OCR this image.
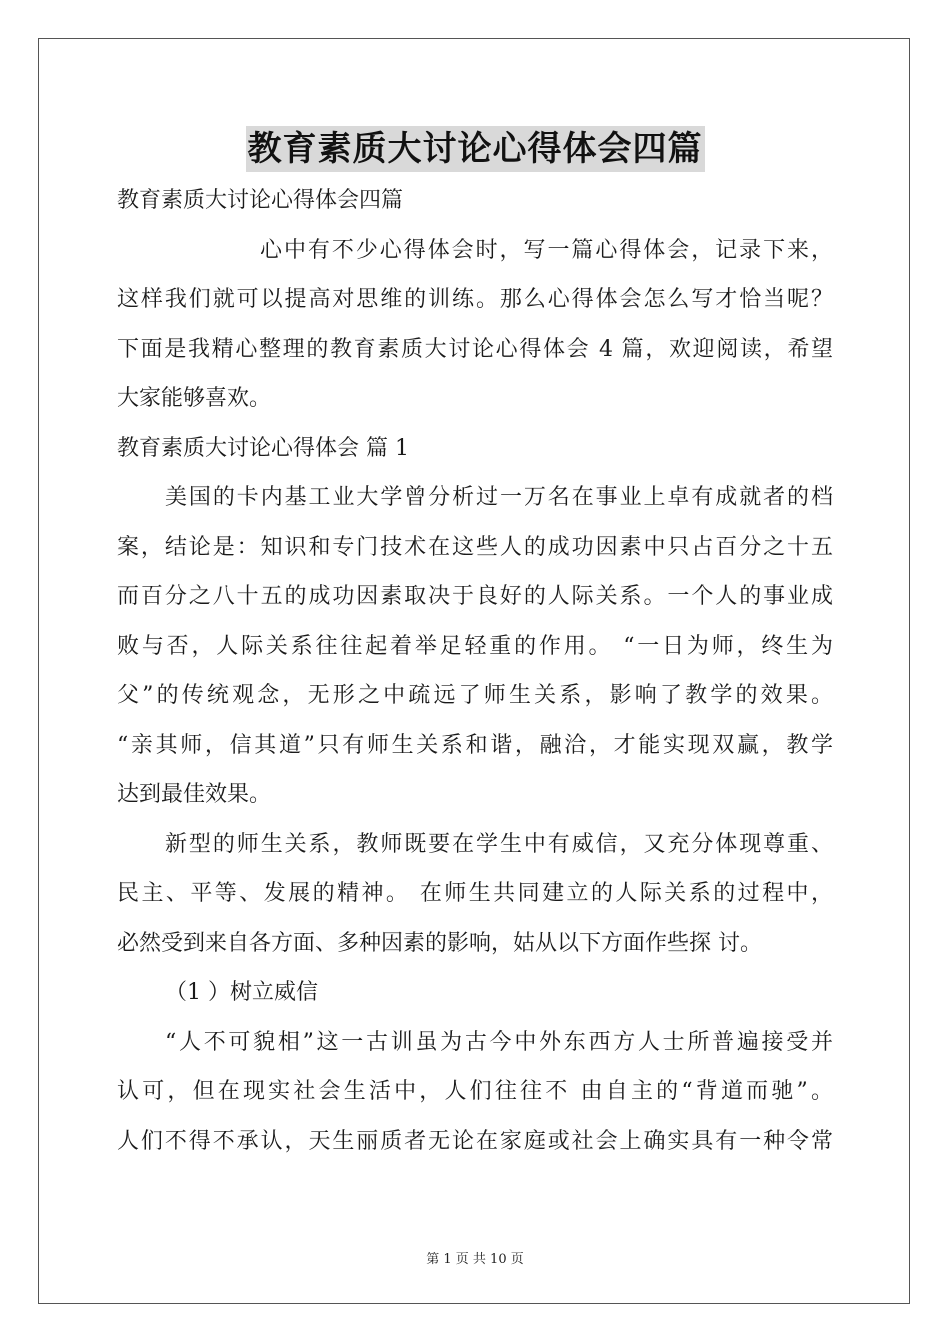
教育素质大讨论心得体会四篇
教育素质大讨论心得体会四篇
心中有不少心得体会时，写一篇心得体会，记录下来，
这样我们就可以提高对思维的训练。那么心得体会怎么写才恰当呢？
下面是我精心整理的教育素质大讨论心得体会 4 篇，欢迎阅读，希望
大家能够喜欢。
教育素质大讨论心得体会 篇 1
美国的卡内基工业大学曾分析过一万名在事业上卓有成就者的档
案，结论是：知识和专门技术在这些人的成功因素中只占百分之十五
而百分之八十五的成功因素取决于良好的人际关系。一个人的事业成
败与否，人际关系往往起着举足轻重的作用。 “一日为师，终生为
父”的传统观念，无形之中疏远了师生关系，影响了教学的效果。
“亲其师，信其道”只有师生关系和谐，融洽，才能实现双赢，教学
达到最佳效果。
新型的师生关系，教师既要在学生中有威信，又充分体现尊重、
民主、平等、发展的精神。 在师生共同建立的人际关系的过程中，
必然受到来自各方面、多种因素的影响，姑从以下方面作些探 讨。
（1 ）树立威信
“人不可貌相”这一古训虽为古今中外东西方人士所普遍接受并
认可，但在现实社会生活中，人们往往不 由自主的“背道而驰”。
人们不得不承认，天生丽质者无论在家庭或社会上确实具有一种令常
第 1 页 共 10 页
